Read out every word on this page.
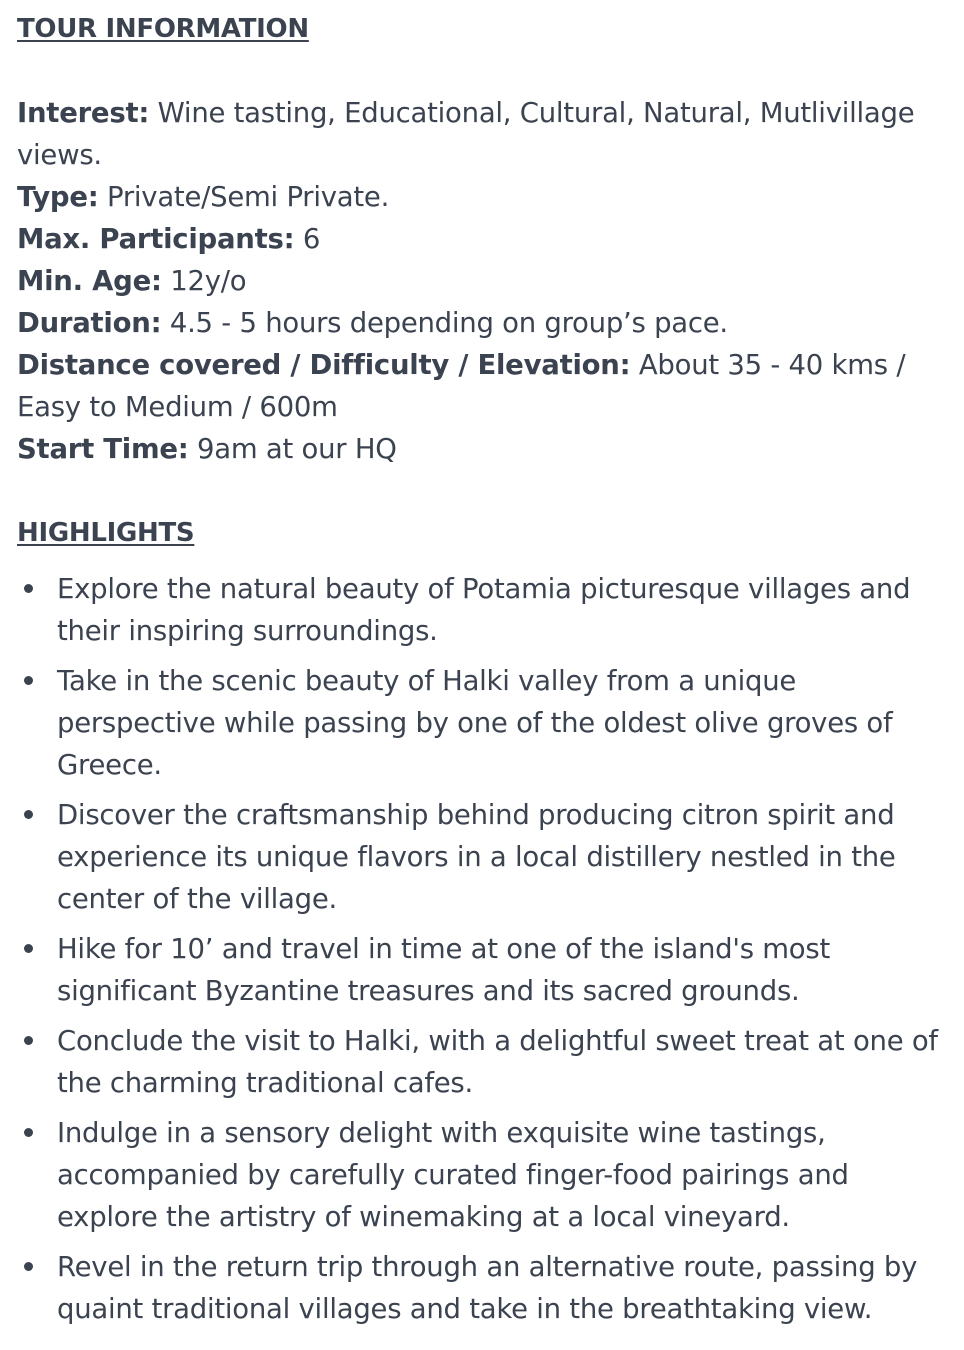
TOUR INFORMATION

Interest: Wine tasting, Educational, Cultural, Natural, Mutlivillage views.

Type: Private/Semi Private.

Max. Participants: 6

Min. Age: 12y/o

Duration: 4.5 - 5 hours depending on group’s pace.

Distance covered / Difficulty / Elevation: About 35 - 40 kms / Easy to Medium / 600m

Start Time: 9am at our HQ

HIGHLIGHTS
Explore the natural beauty of Potamia picturesque villages and their inspiring surroundings.
Take in the scenic beauty of Halki valley from a unique perspective while passing by one of the oldest olive groves of Greece.
Discover the craftsmanship behind producing citron spirit and experience its unique flavors in a local distillery nestled in the center of the village.
Hike for 10’ and travel in time at one of the island's most significant Byzantine treasures and its sacred grounds.
Conclude the visit to Halki, with a delightful sweet treat at one of the charming traditional cafes.
Indulge in a sensory delight with exquisite wine tastings, accompanied by carefully curated finger-food pairings and explore the artistry of winemaking at a local vineyard.
Revel in the return trip through an alternative route, passing by quaint traditional villages and take in the breathtaking view.
